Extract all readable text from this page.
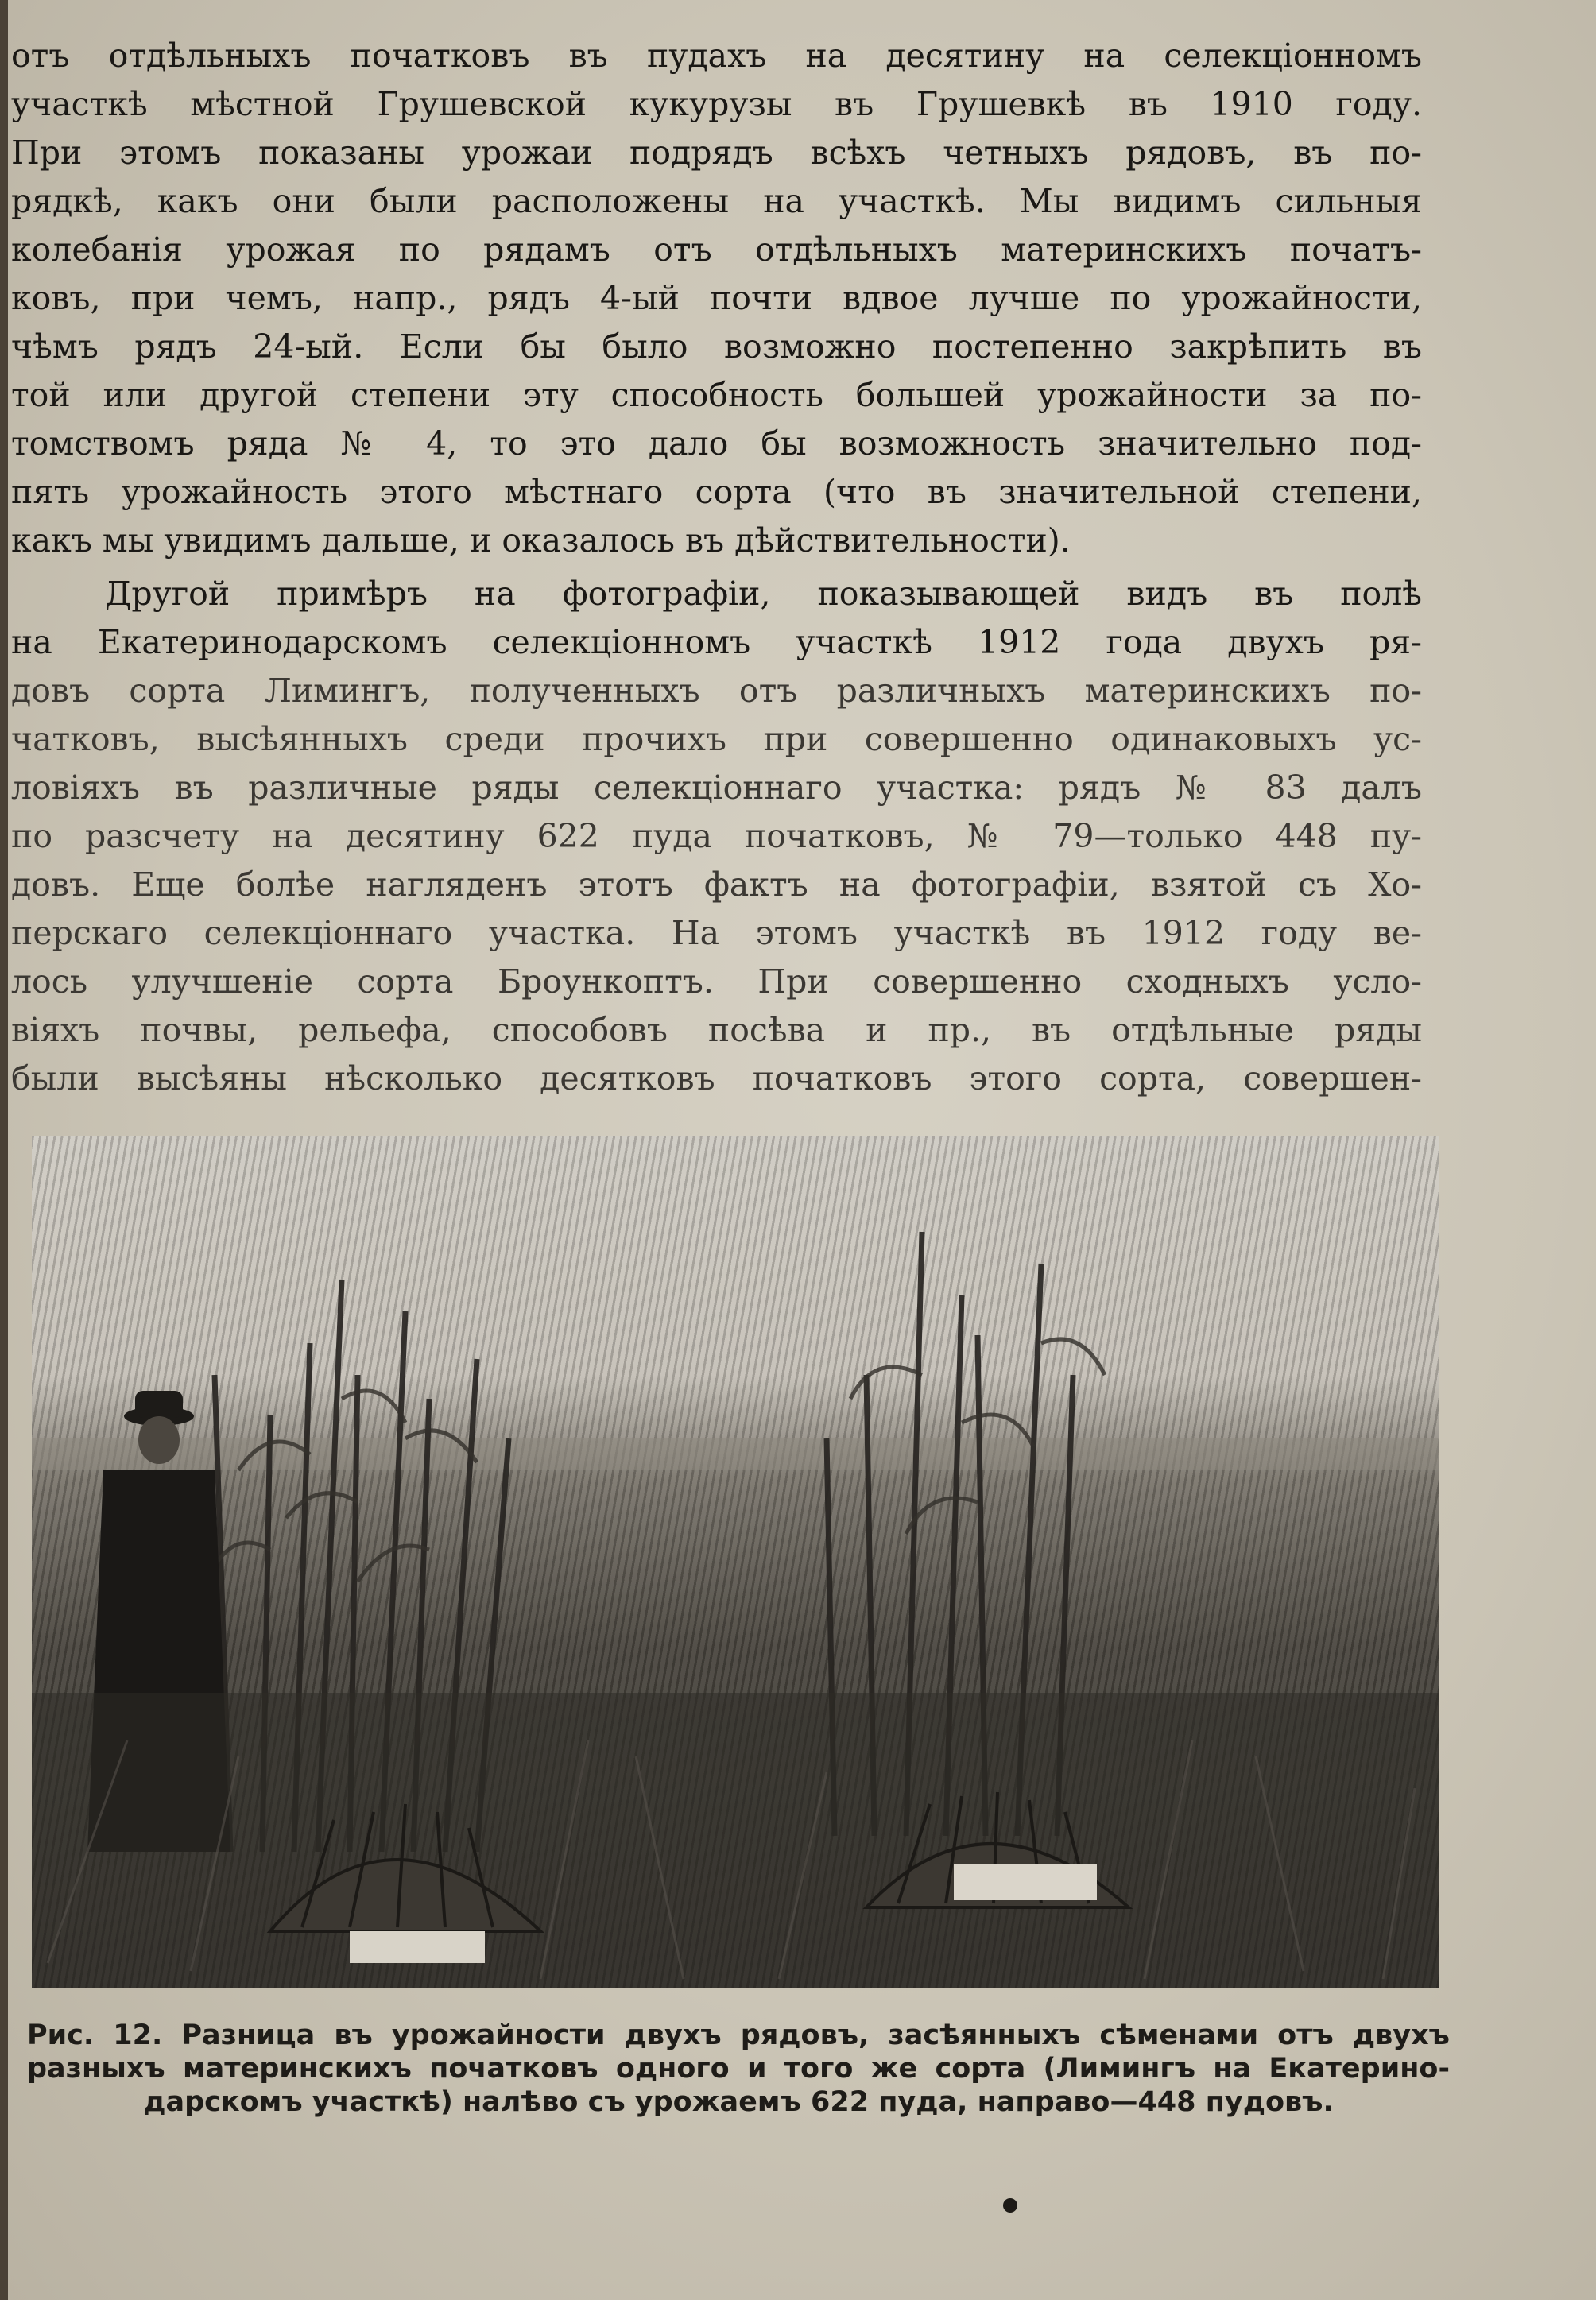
отъ отдѣльныхъ початковъ въ пудахъ на десятину на селекціонномъ
участкѣ мѣстной Грушевской кукурузы въ Грушевкѣ въ 1910 году.
При этомъ показаны урожаи подрядъ всѣхъ четныхъ рядовъ, въ по-
рядкѣ, какъ они были расположены на участкѣ. Мы видимъ сильныя
колебанія урожая по рядамъ отъ отдѣльныхъ материнскихъ початъ-
ковъ, при чемъ, напр., рядъ 4-ый почти вдвое лучше по урожайности,
чѣмъ рядъ 24-ый. Если бы было возможно постепенно закрѣпить въ
той или другой степени эту способность большей урожайности за по-
томствомъ ряда № 4, то это дало бы возможность значительно под-
пять урожайность этого мѣстнаго сорта (что въ значительной степени,
какъ мы увидимъ дальше, и оказалось въ дѣйствительности).
Другой примѣръ на фотографіи, показывающей видъ въ полѣ
на Екатеринодарскомъ селекціонномъ участкѣ 1912 года двухъ ря-
довъ сорта Лимингъ, полученныхъ отъ различныхъ материнскихъ по-
чатковъ, высѣянныхъ среди прочихъ при совершенно одинаковыхъ ус-
ловіяхъ въ различные ряды селекціоннаго участка: рядъ № 83 далъ
по разсчету на десятину 622 пуда початковъ, № 79—только 448 пу-
довъ. Еще болѣе нагляденъ этотъ фактъ на фотографіи, взятой съ Хо-
перскаго селекціоннаго участка. На этомъ участкѣ въ 1912 году ве-
лось улучшеніе сорта Броункоптъ. При совершенно сходныхъ усло-
віяхъ почвы, рельефа, способовъ посѣва и пр., въ отдѣльные ряды
были высѣяны нѣсколько десятковъ початковъ этого сорта, совершен-
Рис. 12. Разница въ урожайности двухъ рядовъ, засѣянныхъ сѣменами отъ двухъ
разныхъ материнскихъ початковъ одного и того же сорта (Лимингъ на Екатерино-
дарскомъ участкѣ) налѣво съ урожаемъ 622 пуда, направо—448 пудовъ.
